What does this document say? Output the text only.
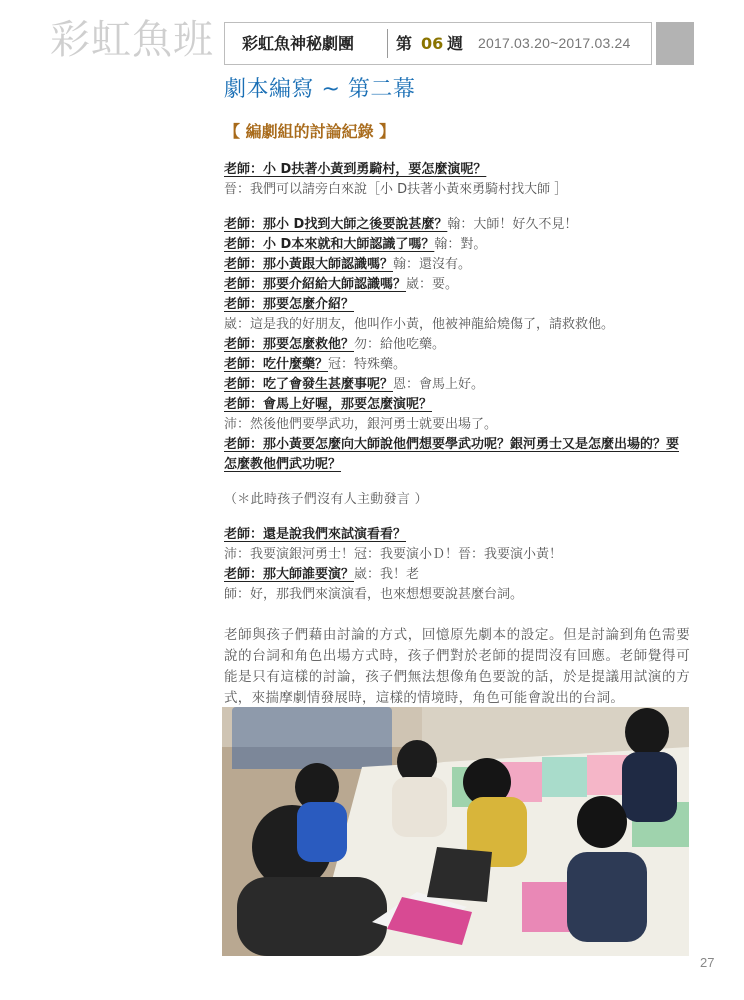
彩虹魚班 彩虹魚神秘劇團	第 06 週 2017.03.20~2017.03.24
劇本編寫 ~ 第二幕
【 編劇組的討論紀錄 】
老師：小 D扶著小黃到勇騎村，要怎麼演呢？
晉：我們可以請旁白來說［小 D扶著小黃來勇騎村找大師 ］
老師：那小 D找到大師之後要說甚麼？翰：大師！好久不見！
老師：小 D本來就和大師認識了嗎？翰：對。
老師：那小黃跟大師認識嗎？翰：還沒有。
老師：那要介紹給大師認識嗎？崴：要。
老師：那要怎麼介紹？
崴：這是我的好朋友，他叫作小黃，他被神龍給燒傷了，請救救他。
老師：那要怎麼救他？勿：給他吃藥。
老師：吃什麼藥？冠：特殊藥。
老師：吃了會發生甚麼事呢？恩：會馬上好。
老師：會馬上好喔，那要怎麼演呢？
沛：然後他們要學武功，銀河勇士就要出場了。
老師：那小黃要怎麼向大師說他們想要學武功呢？銀河勇士又是怎麼出場的？要怎麼教他們武功呢？
（＊此時孩子們沒有人主動發言 ）
老師：還是說我們來試演看看？
沛：我要演銀河勇士！冠：我要演小Ｄ！晉：我要演小黃！
老師：那大師誰要演？崴：我！老
師：好，那我們來演演看，也來想想要說甚麼台詞。
老師與孩子們藉由討論的方式，回憶原先劇本的設定。但是討論到角色需要說的台詞和角色出場方式時，孩子們對於老師的提問沒有回應。老師覺得可能是只有這樣的討論，孩子們無法想像角色要說的話，於是提議用試演的方式，來揣摩劇情發展時，這樣的情境時，角色可能會說出的台詞。
27
